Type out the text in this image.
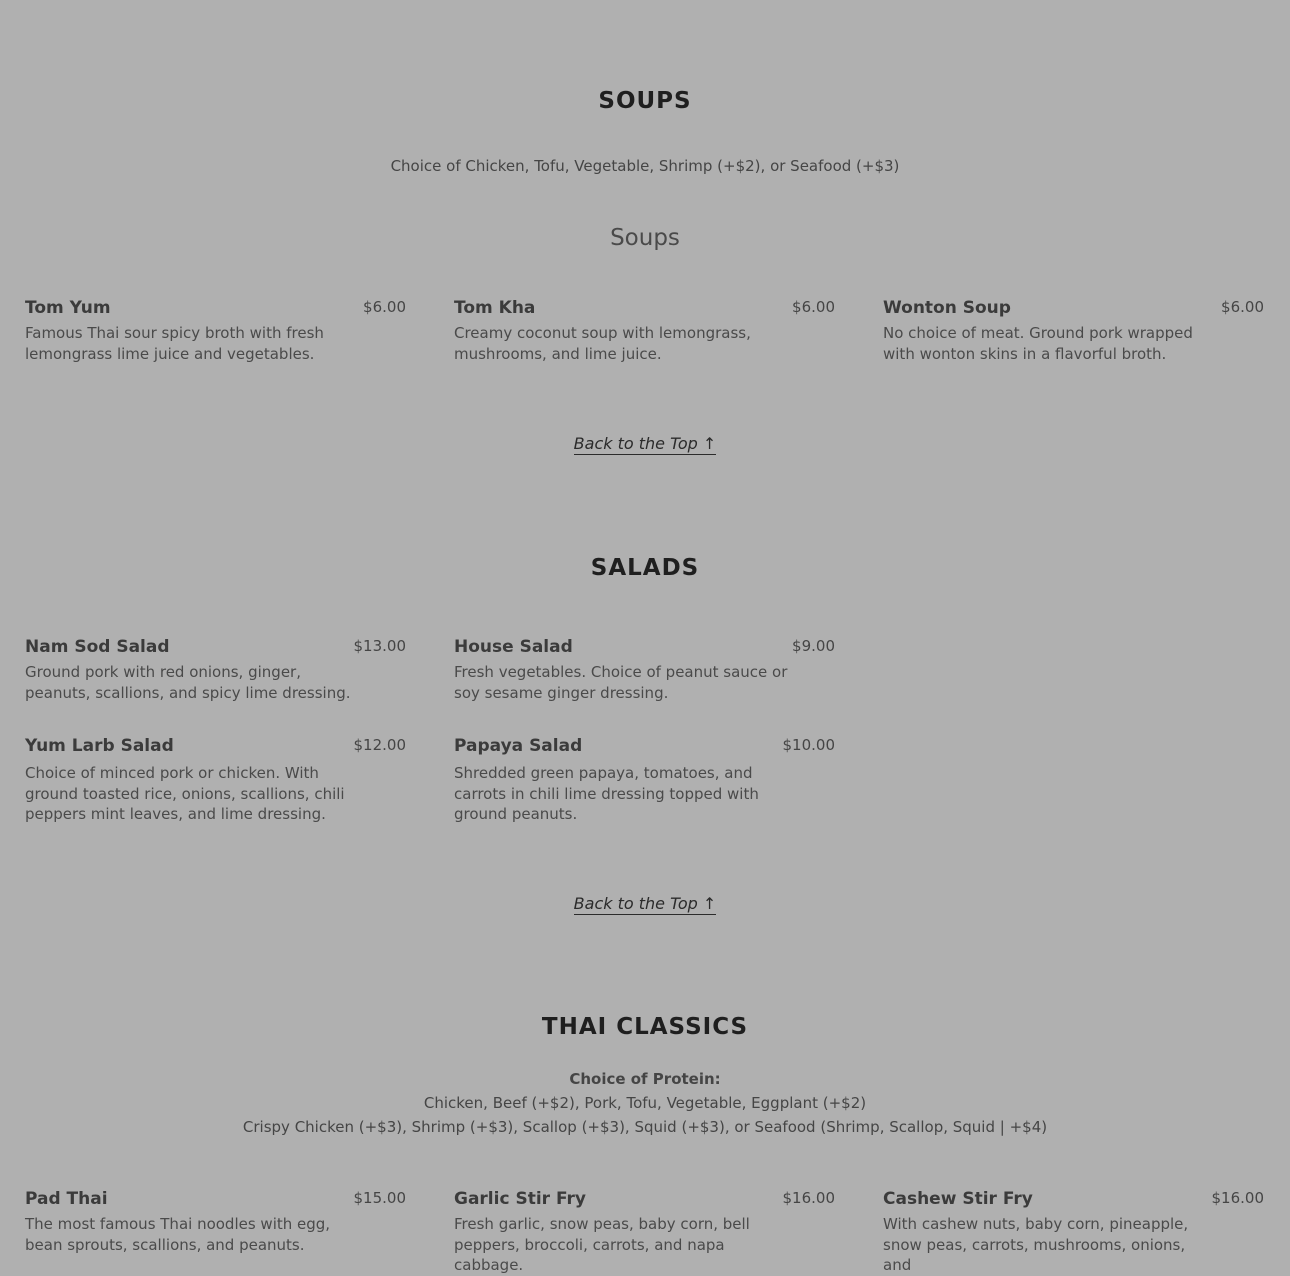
SOUPS

Choice of Chicken, Tofu, Vegetable, Shrimp (+$2), or Seafood (+$3)

Soups
Tom Yum	$6.00
Famous Thai sour spicy broth with fresh lemongrass lime juice and vegetables.
Tom Kha	$6.00
Creamy coconut soup with lemongrass, mushrooms, and lime juice.
Wonton Soup	$6.00
No choice of meat. Ground pork wrapped with wonton skins in a flavorful broth.
Back to the Top ↑
SALADS
Nam Sod Salad	$13.00
Ground pork with red onions, ginger, peanuts, scallions, and spicy lime dressing.
House Salad	$9.00
Fresh vegetables. Choice of peanut sauce or soy sesame ginger dressing.
Yum Larb Salad	$12.00
Choice of minced pork or chicken. With ground toasted rice, onions, scallions, chili peppers mint leaves, and lime dressing.
Papaya Salad	$10.00
Shredded green papaya, tomatoes, and carrots in chili lime dressing topped with ground peanuts.
Back to the Top ↑
THAI CLASSICS

Choice of Protein:

Chicken, Beef (+$2), Pork, Tofu, Vegetable, Eggplant (+$2)

Crispy Chicken (+$3), Shrimp (+$3), Scallop (+$3), Squid (+$3), or Seafood (Shrimp, Scallop, Squid | +$4)

Pad Thai	$15.00
The most famous Thai noodles with egg, bean sprouts, scallions, and peanuts.
Garlic Stir Fry	$16.00
Fresh garlic, snow peas, baby corn, bell peppers, broccoli, carrots, and napa cabbage.
Cashew Stir Fry	$16.00
With cashew nuts, baby corn, pineapple, snow peas, carrots, mushrooms, onions, and
